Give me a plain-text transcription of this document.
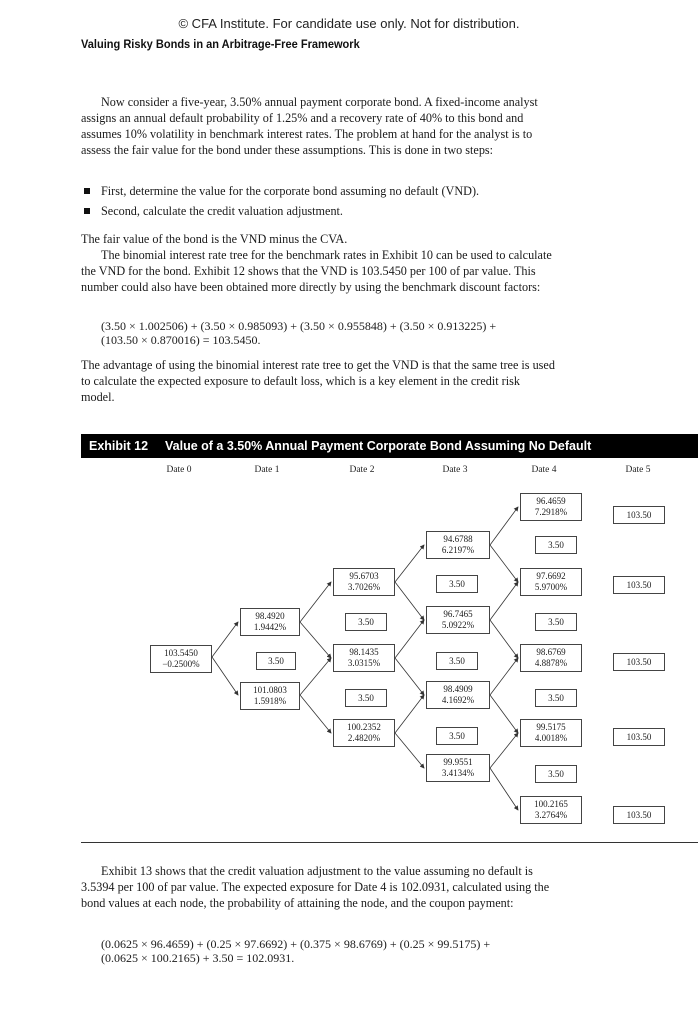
© CFA Institute. For candidate use only. Not for distribution.
Valuing Risky Bonds in an Arbitrage-Free Framework

Now consider a five-year, 3.50% annual payment corporate bond. A fixed-income analyst assigns an annual default probability of 1.25% and a recovery rate of 40% to this bond and assumes 10% volatility in benchmark interest rates. The problem at hand for the analyst is to assess the fair value for the bond under these assumptions. This is done in two steps:

First, determine the value for the corporate bond assuming no default (VND).

Second, calculate the credit valuation adjustment.

The fair value of the bond is the VND minus the CVA.

The binomial interest rate tree for the benchmark rates in Exhibit 10 can be used to calculate the VND for the bond. Exhibit 12 shows that the VND is 103.5450 per 100 of par value. This number could also have been obtained more directly by using the benchmark discount factors:

(3.50 × 1.002506) + (3.50 × 0.985093) + (3.50 × 0.955848) + (3.50 × 0.913225) +
(103.50 × 0.870016) = 103.5450.

The advantage of using the binomial interest rate tree to get the VND is that the same tree is used to calculate the expected exposure to default loss, which is a key element in the credit risk model.

Exhibit 12 Value of a 3.50% Annual Payment Corporate Bond Assuming No Default
Date 0	Date 1	Date 2	Date 3	Date 4	Date 5
103.5450
−0.2500%	3.50
98.4920
1.9442%
101.0803
1.5918%
3.50
3.50
95.6703
3.7026%
98.1435
3.0315%
100.2352
2.4820%
3.50
3.50
3.50
94.6788
6.2197%
96.7465
5.0922%
98.4909
4.1692%
99.9551
3.4134%
3.50
3.50
3.50
3.50
96.4659
7.2918%
97.6692
5.9700%
98.6769
4.8878%
99.5175
4.0018%
100.2165
3.2764%
103.50
103.50
103.50
103.50
103.50

Exhibit 13 shows that the credit valuation adjustment to the value assuming no default is 3.5394 per 100 of par value. The expected exposure for Date 4 is 102.0931, calculated using the bond values at each node, the probability of attaining the node, and the coupon payment:

(0.0625 × 96.4659) + (0.25 × 97.6692) + (0.375 × 98.6769) + (0.25 × 99.5175) +
(0.0625 × 100.2165) + 3.50 = 102.0931.
